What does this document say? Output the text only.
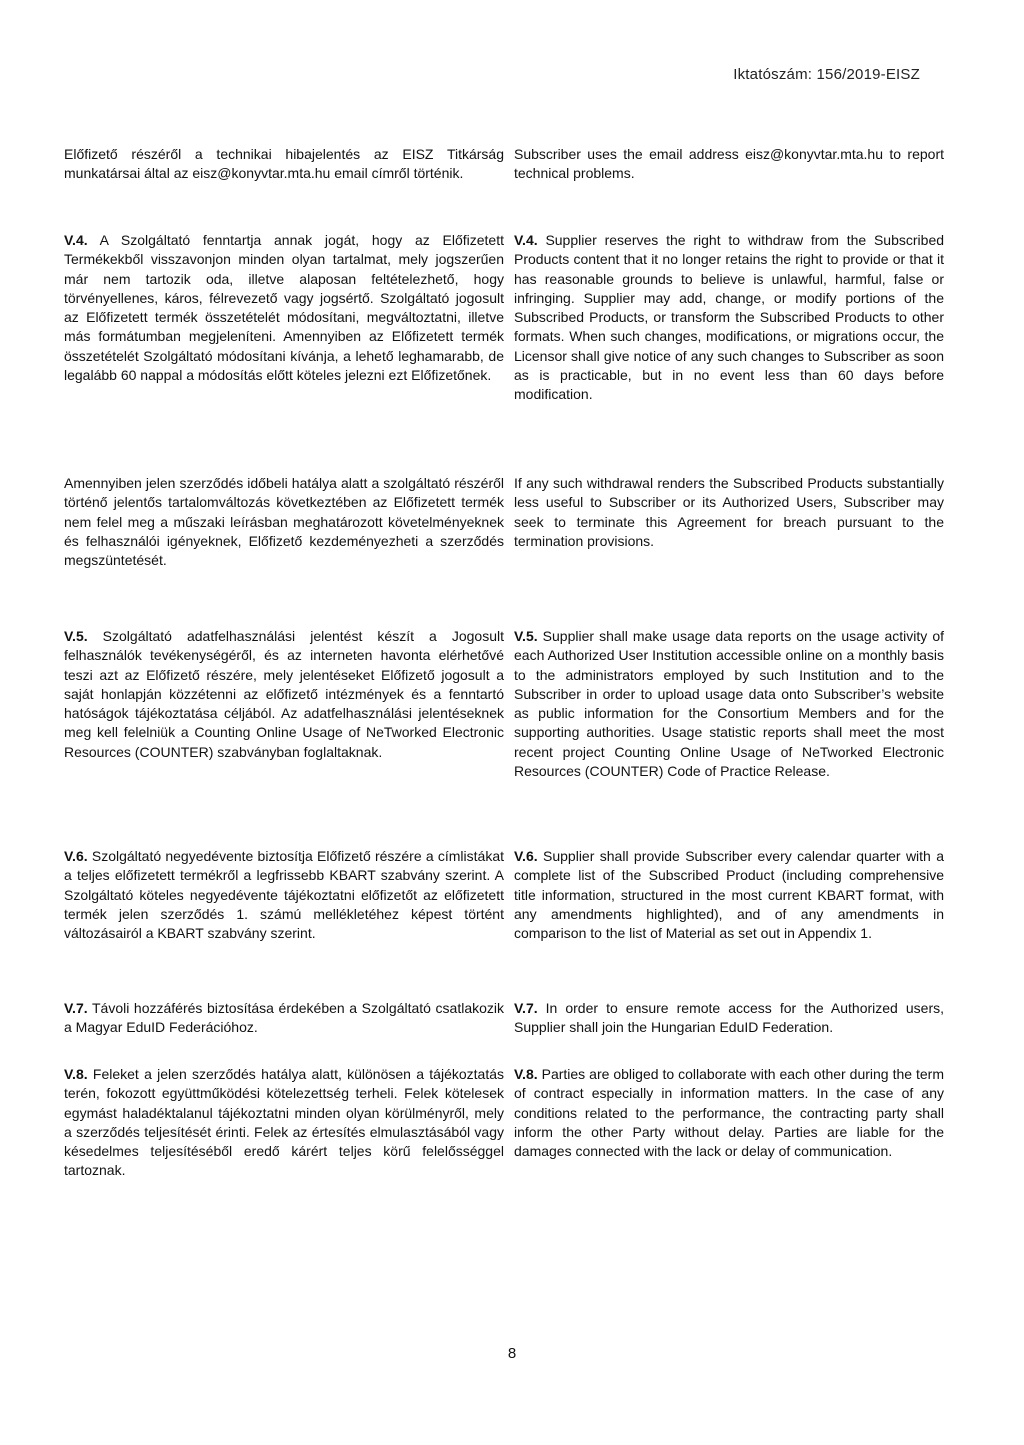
Iktatószám: 156/2019-EISZ

Előfizető részéről a technikai hibajelentés az EISZ Titkárság munkatársai által az eisz@konyvtar.mta.hu email címről történik.

Subscriber uses the email address eisz@konyvtar.mta.hu to report technical problems.

V.4. A Szolgáltató fenntartja annak jogát, hogy az Előfizetett Termékekből visszavonjon minden olyan tartalmat, mely jogszerűen már nem tartozik oda, illetve alaposan feltételezhető, hogy törvényellenes, káros, félrevezető vagy jogsértő. Szolgáltató jogosult az Előfizetett termék összetételét módosítani, megváltoztatni, illetve más formátumban megjeleníteni. Amennyiben az Előfizetett termék összetételét Szolgáltató módosítani kívánja, a lehető leghamarabb, de legalább 60 nappal a módosítás előtt köteles jelezni ezt Előfizetőnek.

V.4. Supplier reserves the right to withdraw from the Subscribed Products content that it no longer retains the right to provide or that it has reasonable grounds to believe is unlawful, harmful, false or infringing. Supplier may add, change, or modify portions of the Subscribed Products, or transform the Subscribed Products to other formats. When such changes, modifications, or migrations occur, the Licensor shall give notice of any such changes to Subscriber as soon as is practicable, but in no event less than 60 days before modification.

Amennyiben jelen szerződés időbeli hatálya alatt a szolgáltató részéről történő jelentős tartalomváltozás következtében az Előfizetett termék nem felel meg a műszaki leírásban meghatározott követelményeknek és felhasználói igényeknek, Előfizető kezdeményezheti a szerződés megszüntetését.

If any such withdrawal renders the Subscribed Products substantially less useful to Subscriber or its Authorized Users, Subscriber may seek to terminate this Agreement for breach pursuant to the termination provisions.

V.5. Szolgáltató adatfelhasználási jelentést készít a Jogosult felhasználók tevékenységéről, és az interneten havonta elérhetővé teszi azt az Előfizető részére, mely jelentéseket Előfizető jogosult a saját honlapján közzétenni az előfizető intézmények és a fenntartó hatóságok tájékoztatása céljából. Az adatfelhasználási jelentéseknek meg kell felelniük a Counting Online Usage of NeTworked Electronic Resources (COUNTER) szabványban foglaltaknak.

V.5. Supplier shall make usage data reports on the usage activity of each Authorized User Institution accessible online on a monthly basis to the administrators employed by such Institution and to the Subscriber in order to upload usage data onto Subscriber’s website as public information for the Consortium Members and for the supporting authorities. Usage statistic reports shall meet the most recent project Counting Online Usage of NeTworked Electronic Resources (COUNTER) Code of Practice Release.

V.6. Szolgáltató negyedévente biztosítja Előfizető részére a címlistákat a teljes előfizetett termékről a legfrissebb KBART szabvány szerint. A Szolgáltató köteles negyedévente tájékoztatni előfizetőt az előfizetett termék jelen szerződés 1. számú mellékletéhez képest történt változásairól a KBART szabvány szerint.

V.6. Supplier shall provide Subscriber every calendar quarter with a complete list of the Subscribed Product (including comprehensive title information, structured in the most current KBART format, with any amendments highlighted), and of any amendments in comparison to the list of Material as set out in Appendix 1.

V.7. Távoli hozzáférés biztosítása érdekében a Szolgáltató csatlakozik a Magyar EduID Federációhoz.

V.7. In order to ensure remote access for the Authorized users, Supplier shall join the Hungarian EduID Federation.

V.8. Feleket a jelen szerződés hatálya alatt, különösen a tájékoztatás terén, fokozott együttműködési kötelezettség terheli. Felek kötelesek egymást haladéktalanul tájékoztatni minden olyan körülményről, mely a szerződés teljesítését érinti. Felek az értesítés elmulasztásából vagy késedelmes teljesítéséből eredő kárért teljes körű felelősséggel tartoznak.

V.8. Parties are obliged to collaborate with each other during the term of contract especially in information matters. In the case of any conditions related to the performance, the contracting party shall inform the other Party without delay. Parties are liable for the damages connected with the lack or delay of communication.

8
